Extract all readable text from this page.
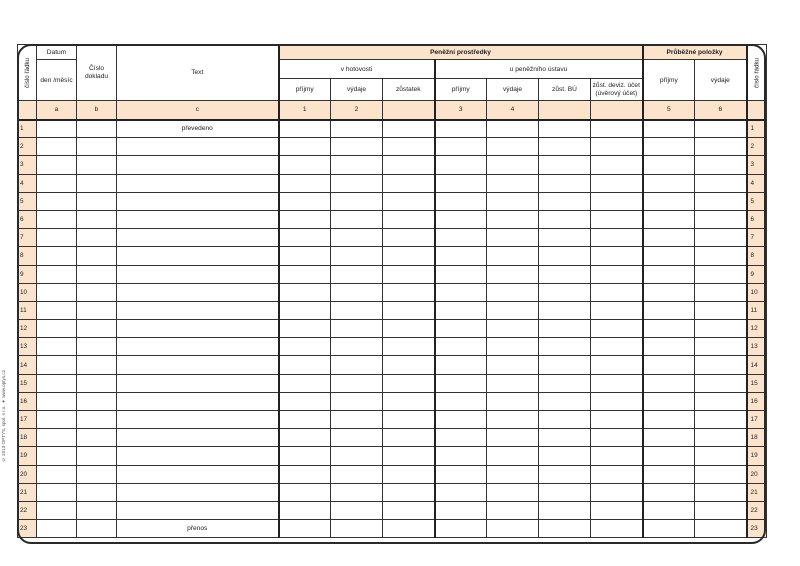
číslo řádku	Datum	Číslo dokladu	Text	Peněžní prostředky							Průběžné položky		číslo řádku
	den /měsíc			v hotovosti			u peněžního ústavu				příjmy	výdaje	
				příjmy	výdaje	zůstatek	příjmy	výdaje	zůst. BÚ	zůst. deviz. účet (úvěrový účet)			
	a	b	c	1	2		3	4			5	6	
1			převedeno										1
2													2
3													3
4													4
5													5
6													6
7													7
8													8
9													9
10													10
11													11
12													12
13													13
14													14
15													15
16													16
17													17
18													18
19													19
20													20
21													21
22													22
23			přenos										23
© 2013 OPTYS, spol. s r.o. ● www.optys.cz
